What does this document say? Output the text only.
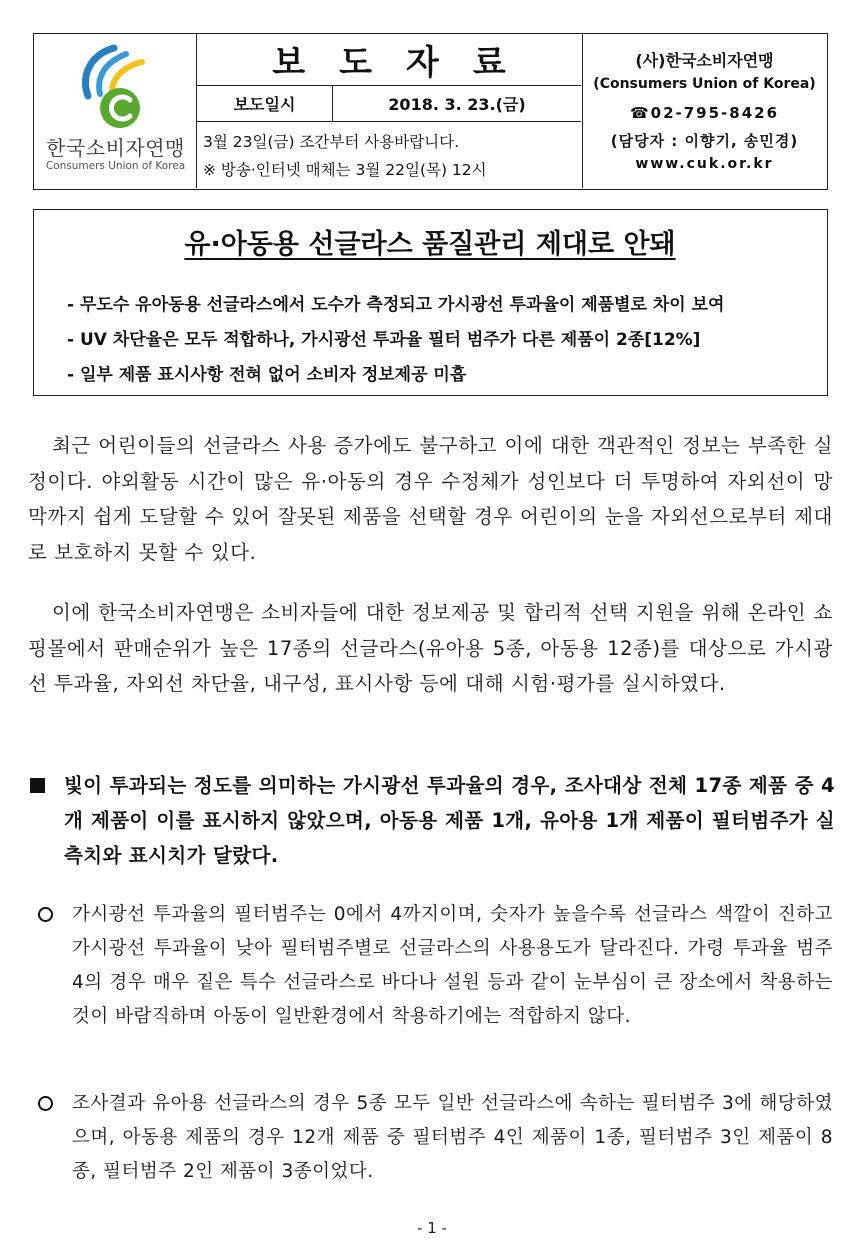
한국소비자연맹
Consumers Union of Korea
보도자료
보도일시	2018. 3. 23.(금)
3월 23일(금) 조간부터 사용바랍니다.
※ 방송·인터넷 매체는 3월 22일(목) 12시
(사)한국소비자연맹
(Consumers Union of Korea)
☎02-795-8426
(담당자 : 이향기, 송민경)
www.cuk.or.kr
유·아동용 선글라스 품질관리 제대로 안돼
- 무도수 유아동용 선글라스에서 도수가 측정되고 가시광선 투과율이 제품별로 차이 보여
- UV 차단율은 모두 적합하나, 가시광선 투과율 필터 범주가 다른 제품이 2종[12%]
- 일부 제품 표시사항 전혀 없어 소비자 정보제공 미흡

최근 어린이들의 선글라스 사용 증가에도 불구하고 이에 대한 객관적인 정보는 부족한 실정이다. 야외활동 시간이 많은 유·아동의 경우 수정체가 성인보다 더 투명하여 자외선이 망막까지 쉽게 도달할 수 있어 잘못된 제품을 선택할 경우 어린이의 눈을 자외선으로부터 제대로 보호하지 못할 수 있다.

이에 한국소비자연맹은 소비자들에 대한 정보제공 및 합리적 선택 지원을 위해 온라인 쇼핑몰에서 판매순위가 높은 17종의 선글라스(유아용 5종, 아동용 12종)를 대상으로 가시광선 투과율, 자외선 차단율, 내구성, 표시사항 등에 대해 시험·평가를 실시하였다.

빛이 투과되는 정도를 의미하는 가시광선 투과율의 경우, 조사대상 전체 17종 제품 중 4개 제품이 이를 표시하지 않았으며, 아동용 제품 1개, 유아용 1개 제품이 필터범주가 실측치와 표시치가 달랐다.
가시광선 투과율의 필터범주는 0에서 4까지이며, 숫자가 높을수록 선글라스 색깔이 진하고 가시광선 투과율이 낮아 필터범주별로 선글라스의 사용용도가 달라진다. 가령 투과율 범주 4의 경우 매우 짙은 특수 선글라스로 바다나 설원 등과 같이 눈부심이 큰 장소에서 착용하는 것이 바람직하며 아동이 일반환경에서 착용하기에는 적합하지 않다.
조사결과 유아용 선글라스의 경우 5종 모두 일반 선글라스에 속하는 필터범주 3에 해당하였으며, 아동용 제품의 경우 12개 제품 중 필터범주 4인 제품이 1종, 필터범주 3인 제품이 8종, 필터범주 2인 제품이 3종이었다.
- 1 -
